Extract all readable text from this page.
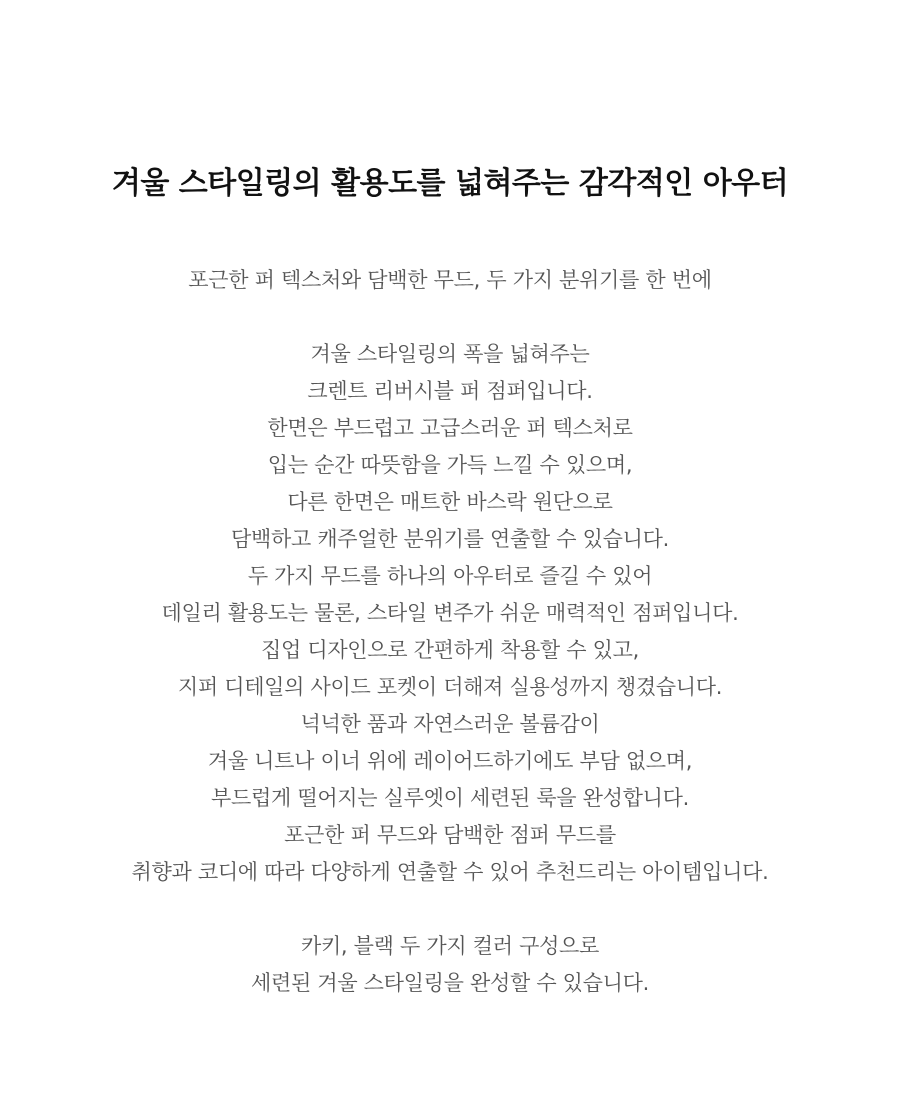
겨울 스타일링의 활용도를 넓혀주는 감각적인 아우터
포근한 퍼 텍스처와 담백한 무드, 두 가지 분위기를 한 번에
겨울 스타일링의 폭을 넓혀주는
크렌트 리버시블 퍼 점퍼입니다.
한면은 부드럽고 고급스러운 퍼 텍스처로
입는 순간 따뜻함을 가득 느낄 수 있으며,
다른 한면은 매트한 바스락 원단으로
담백하고 캐주얼한 분위기를 연출할 수 있습니다.
두 가지 무드를 하나의 아우터로 즐길 수 있어
데일리 활용도는 물론, 스타일 변주가 쉬운 매력적인 점퍼입니다.
집업 디자인으로 간편하게 착용할 수 있고,
지퍼 디테일의 사이드 포켓이 더해져 실용성까지 챙겼습니다.
넉넉한 품과 자연스러운 볼륨감이
겨울 니트나 이너 위에 레이어드하기에도 부담 없으며,
부드럽게 떨어지는 실루엣이 세련된 룩을 완성합니다.
포근한 퍼 무드와 담백한 점퍼 무드를
취향과 코디에 따라 다양하게 연출할 수 있어 추천드리는 아이템입니다.
카키, 블랙 두 가지 컬러 구성으로
세련된 겨울 스타일링을 완성할 수 있습니다.
